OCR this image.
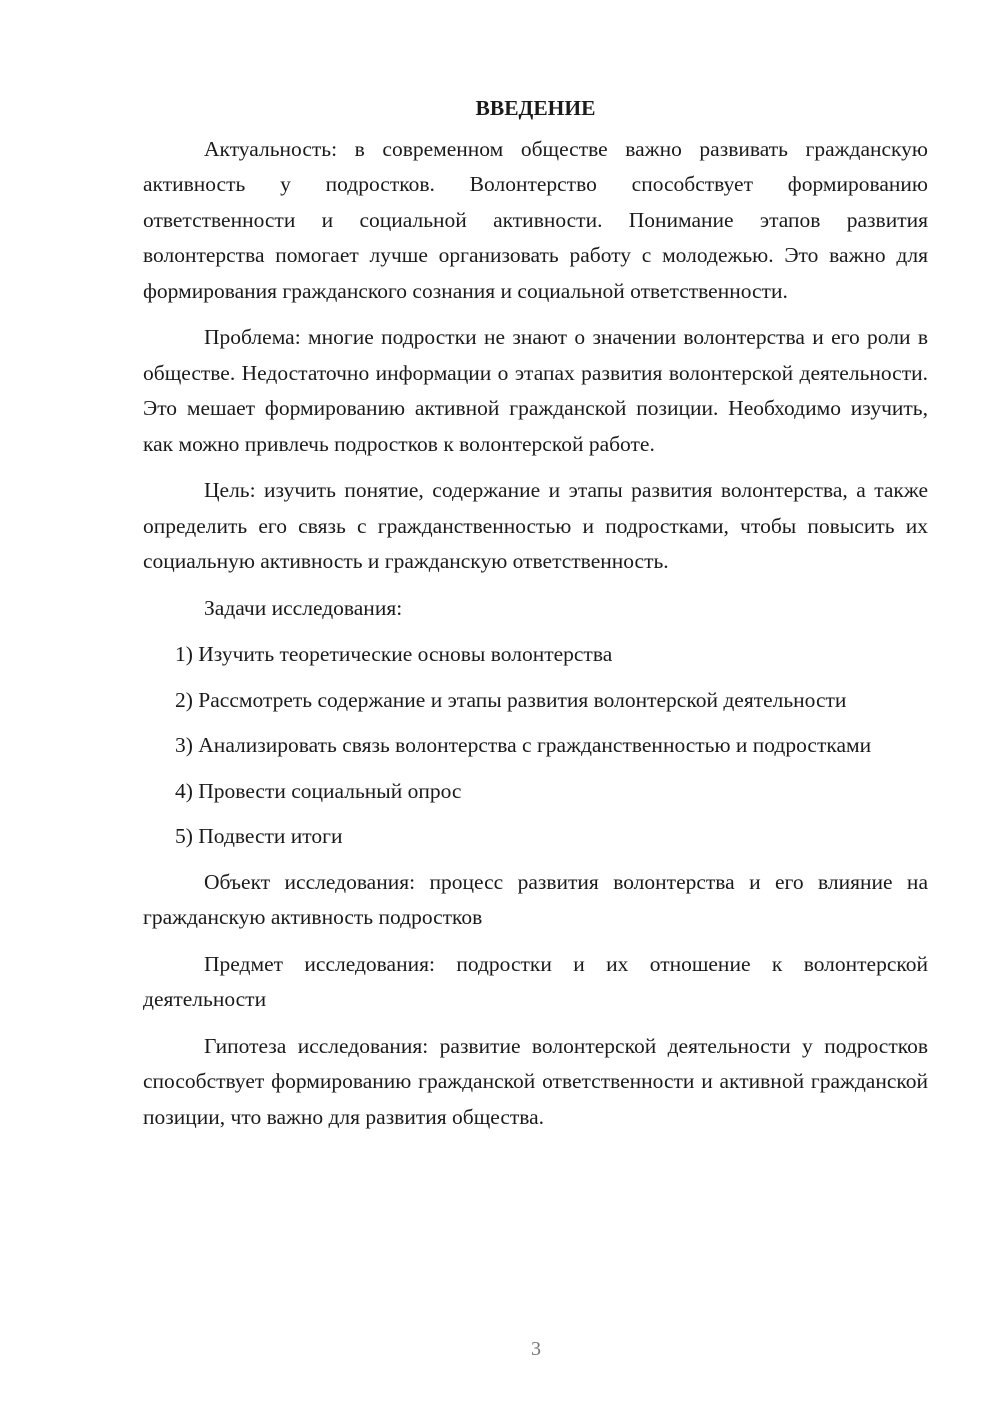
ВВЕДЕНИЕ

Актуальность: в современном обществе важно развивать гражданскую активность у подростков. Волонтерство способствует формированию ответственности и социальной активности. Понимание этапов развития волонтерства помогает лучше организовать работу с молодежью. Это важно для формирования гражданского сознания и социальной ответственности.

Проблема: многие подростки не знают о значении волонтерства и его роли в обществе. Недостаточно информации о этапах развития волонтерской деятельности. Это мешает формированию активной гражданской позиции. Необходимо изучить, как можно привлечь подростков к волонтерской работе.

Цель: изучить понятие, содержание и этапы развития волонтерства, а также определить его связь с гражданственностью и подростками, чтобы повысить их социальную активность и гражданскую ответственность.

Задачи исследования:

1) Изучить теоретические основы волонтерства

2) Рассмотреть содержание и этапы развития волонтерской деятельности

3) Анализировать связь волонтерства с гражданственностью и подростками

4) Провести социальный опрос

5) Подвести итоги

Объект исследования: процесс развития волонтерства и его влияние на гражданскую активность подростков

Предмет исследования: подростки и их отношение к волонтерской деятельности

Гипотеза исследования: развитие волонтерской деятельности у подростков способствует формированию гражданской ответственности и активной гражданской позиции, что важно для развития общества.

3
